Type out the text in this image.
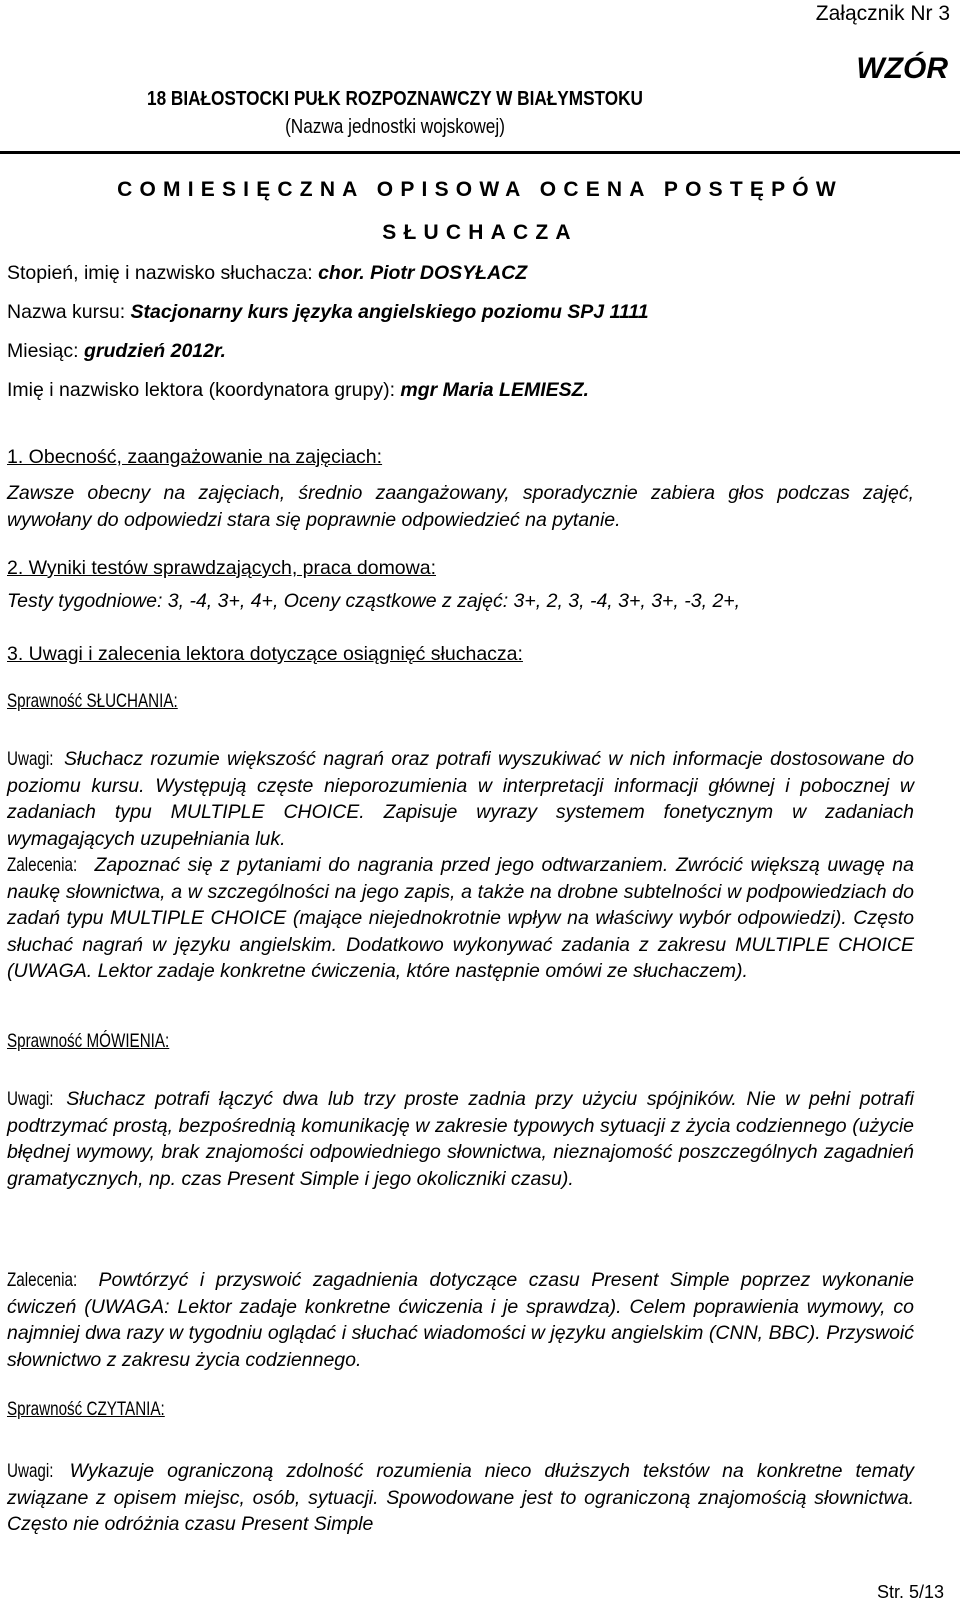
Załącznik Nr 3
WZÓR
18 BIAŁOSTOCKI PUŁK ROZPOZNAWCZY W BIAŁYMSTOKU
(Nazwa jednostki wojskowej)
COMIESIĘCZNA OPISOWA OCENA POSTĘPÓW
SŁUCHACZA
Stopień, imię i nazwisko słuchacza: chor. Piotr DOSYŁACZ
Nazwa kursu: Stacjonarny kurs języka angielskiego poziomu SPJ 1111
Miesiąc: grudzień 2012r.
Imię i nazwisko lektora (koordynatora grupy): mgr Maria LEMIESZ.
1. Obecność, zaangażowanie na zajęciach:

Zawsze obecny na zajęciach, średnio zaangażowany, sporadycznie zabiera głos podczas zajęć, wywołany do odpowiedzi stara się poprawnie odpowiedzieć na pytanie.

2. Wyniki testów sprawdzających, praca domowa:

Testy tygodniowe: 3, -4, 3+, 4+, Oceny cząstkowe z zajęć: 3+, 2, 3, -4, 3+, 3+, -3, 2+,

3. Uwagi i zalecenia lektora dotyczące osiągnięć słuchacza:
Sprawność SŁUCHANIA:

Uwagi: Słuchacz rozumie większość nagrań oraz potrafi wyszukiwać w nich informacje dostosowane do poziomu kursu. Występują częste nieporozumienia w interpretacji informacji głównej i pobocznej w zadaniach typu MULTIPLE CHOICE. Zapisuje wyrazy systemem fonetycznym w zadaniach wymagających uzupełniania luk.

Zalecenia: Zapoznać się z pytaniami do nagrania przed jego odtwarzaniem. Zwrócić większą uwagę na naukę słownictwa, a w szczególności na jego zapis, a także na drobne subtelności w podpowiedziach do zadań typu MULTIPLE CHOICE (mające niejednokrotnie wpływ na właściwy wybór odpowiedzi). Często słuchać nagrań w języku angielskim. Dodatkowo wykonywać zadania z zakresu MULTIPLE CHOICE (UWAGA. Lektor zadaje konkretne ćwiczenia, które następnie omówi ze słuchaczem).

Sprawność MÓWIENIA:

Uwagi: Słuchacz potrafi łączyć dwa lub trzy proste zadnia przy użyciu spójników. Nie w pełni potrafi podtrzymać prostą, bezpośrednią komunikację w zakresie typowych sytuacji z życia codziennego (użycie błędnej wymowy, brak znajomości odpowiedniego słownictwa, nieznajomość poszczególnych zagadnień gramatycznych, np. czas Present Simple i jego okoliczniki czasu).

Zalecenia: Powtórzyć i przyswoić zagadnienia dotyczące czasu Present Simple poprzez wykonanie ćwiczeń (UWAGA: Lektor zadaje konkretne ćwiczenia i je sprawdza). Celem poprawienia wymowy, co najmniej dwa razy w tygodniu oglądać i słuchać wiadomości w języku angielskim (CNN, BBC). Przyswoić słownictwo z zakresu życia codziennego.

Sprawność CZYTANIA:

Uwagi: Wykazuje ograniczoną zdolność rozumienia nieco dłuższych tekstów na konkretne tematy związane z opisem miejsc, osób, sytuacji. Spowodowane jest to ograniczoną znajomością słownictwa. Często nie odróżnia czasu Present Simple

Str. 5/13
